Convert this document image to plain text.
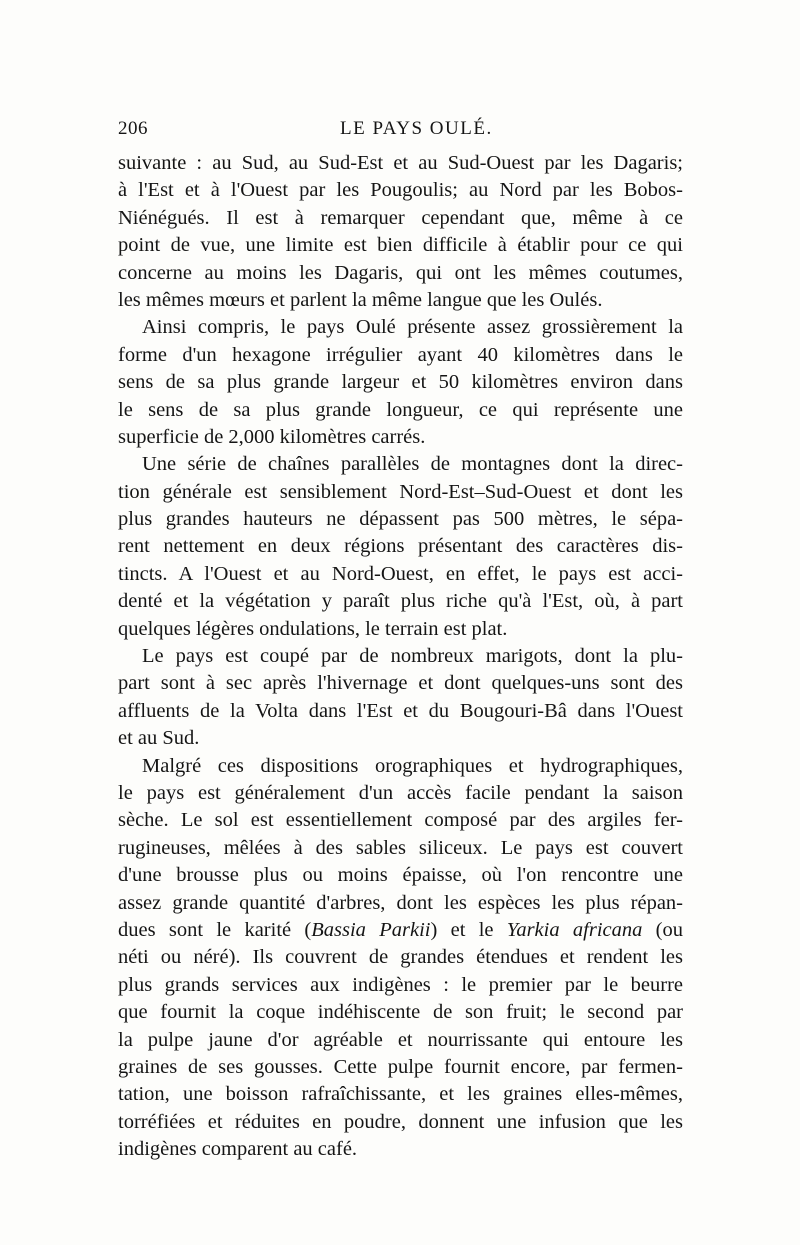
206	LE PAYS OULÉ.
suivante : au Sud, au Sud-Est et au Sud-Ouest par les Dagaris;
à l'Est et à l'Ouest par les Pougoulis; au Nord par les Bobos-
Niénégués. Il est à remarquer cependant que, même à ce
point de vue, une limite est bien difficile à établir pour ce qui
concerne au moins les Dagaris, qui ont les mêmes coutumes,
les mêmes mœurs et parlent la même langue que les Oulés.
Ainsi compris, le pays Oulé présente assez grossièrement la
forme d'un hexagone irrégulier ayant 40 kilomètres dans le
sens de sa plus grande largeur et 50 kilomètres environ dans
le sens de sa plus grande longueur, ce qui représente une
superficie de 2,000 kilomètres carrés.
Une série de chaînes parallèles de montagnes dont la direc-
tion générale est sensiblement Nord-Est–Sud-Ouest et dont les
plus grandes hauteurs ne dépassent pas 500 mètres, le sépa-
rent nettement en deux régions présentant des caractères dis-
tincts. A l'Ouest et au Nord-Ouest, en effet, le pays est acci-
denté et la végétation y paraît plus riche qu'à l'Est, où, à part
quelques légères ondulations, le terrain est plat.
Le pays est coupé par de nombreux marigots, dont la plu-
part sont à sec après l'hivernage et dont quelques-uns sont des
affluents de la Volta dans l'Est et du Bougouri-Bâ dans l'Ouest
et au Sud.
Malgré ces dispositions orographiques et hydrographiques,
le pays est généralement d'un accès facile pendant la saison
sèche. Le sol est essentiellement composé par des argiles fer-
rugineuses, mêlées à des sables siliceux. Le pays est couvert
d'une brousse plus ou moins épaisse, où l'on rencontre une
assez grande quantité d'arbres, dont les espèces les plus répan-
dues sont le karité (Bassia Parkii) et le Yarkia africana (ou
néti ou néré). Ils couvrent de grandes étendues et rendent les
plus grands services aux indigènes : le premier par le beurre
que fournit la coque indéhiscente de son fruit; le second par
la pulpe jaune d'or agréable et nourrissante qui entoure les
graines de ses gousses. Cette pulpe fournit encore, par fermen-
tation, une boisson rafraîchissante, et les graines elles-mêmes,
torréfiées et réduites en poudre, donnent une infusion que les
indigènes comparent au café.
